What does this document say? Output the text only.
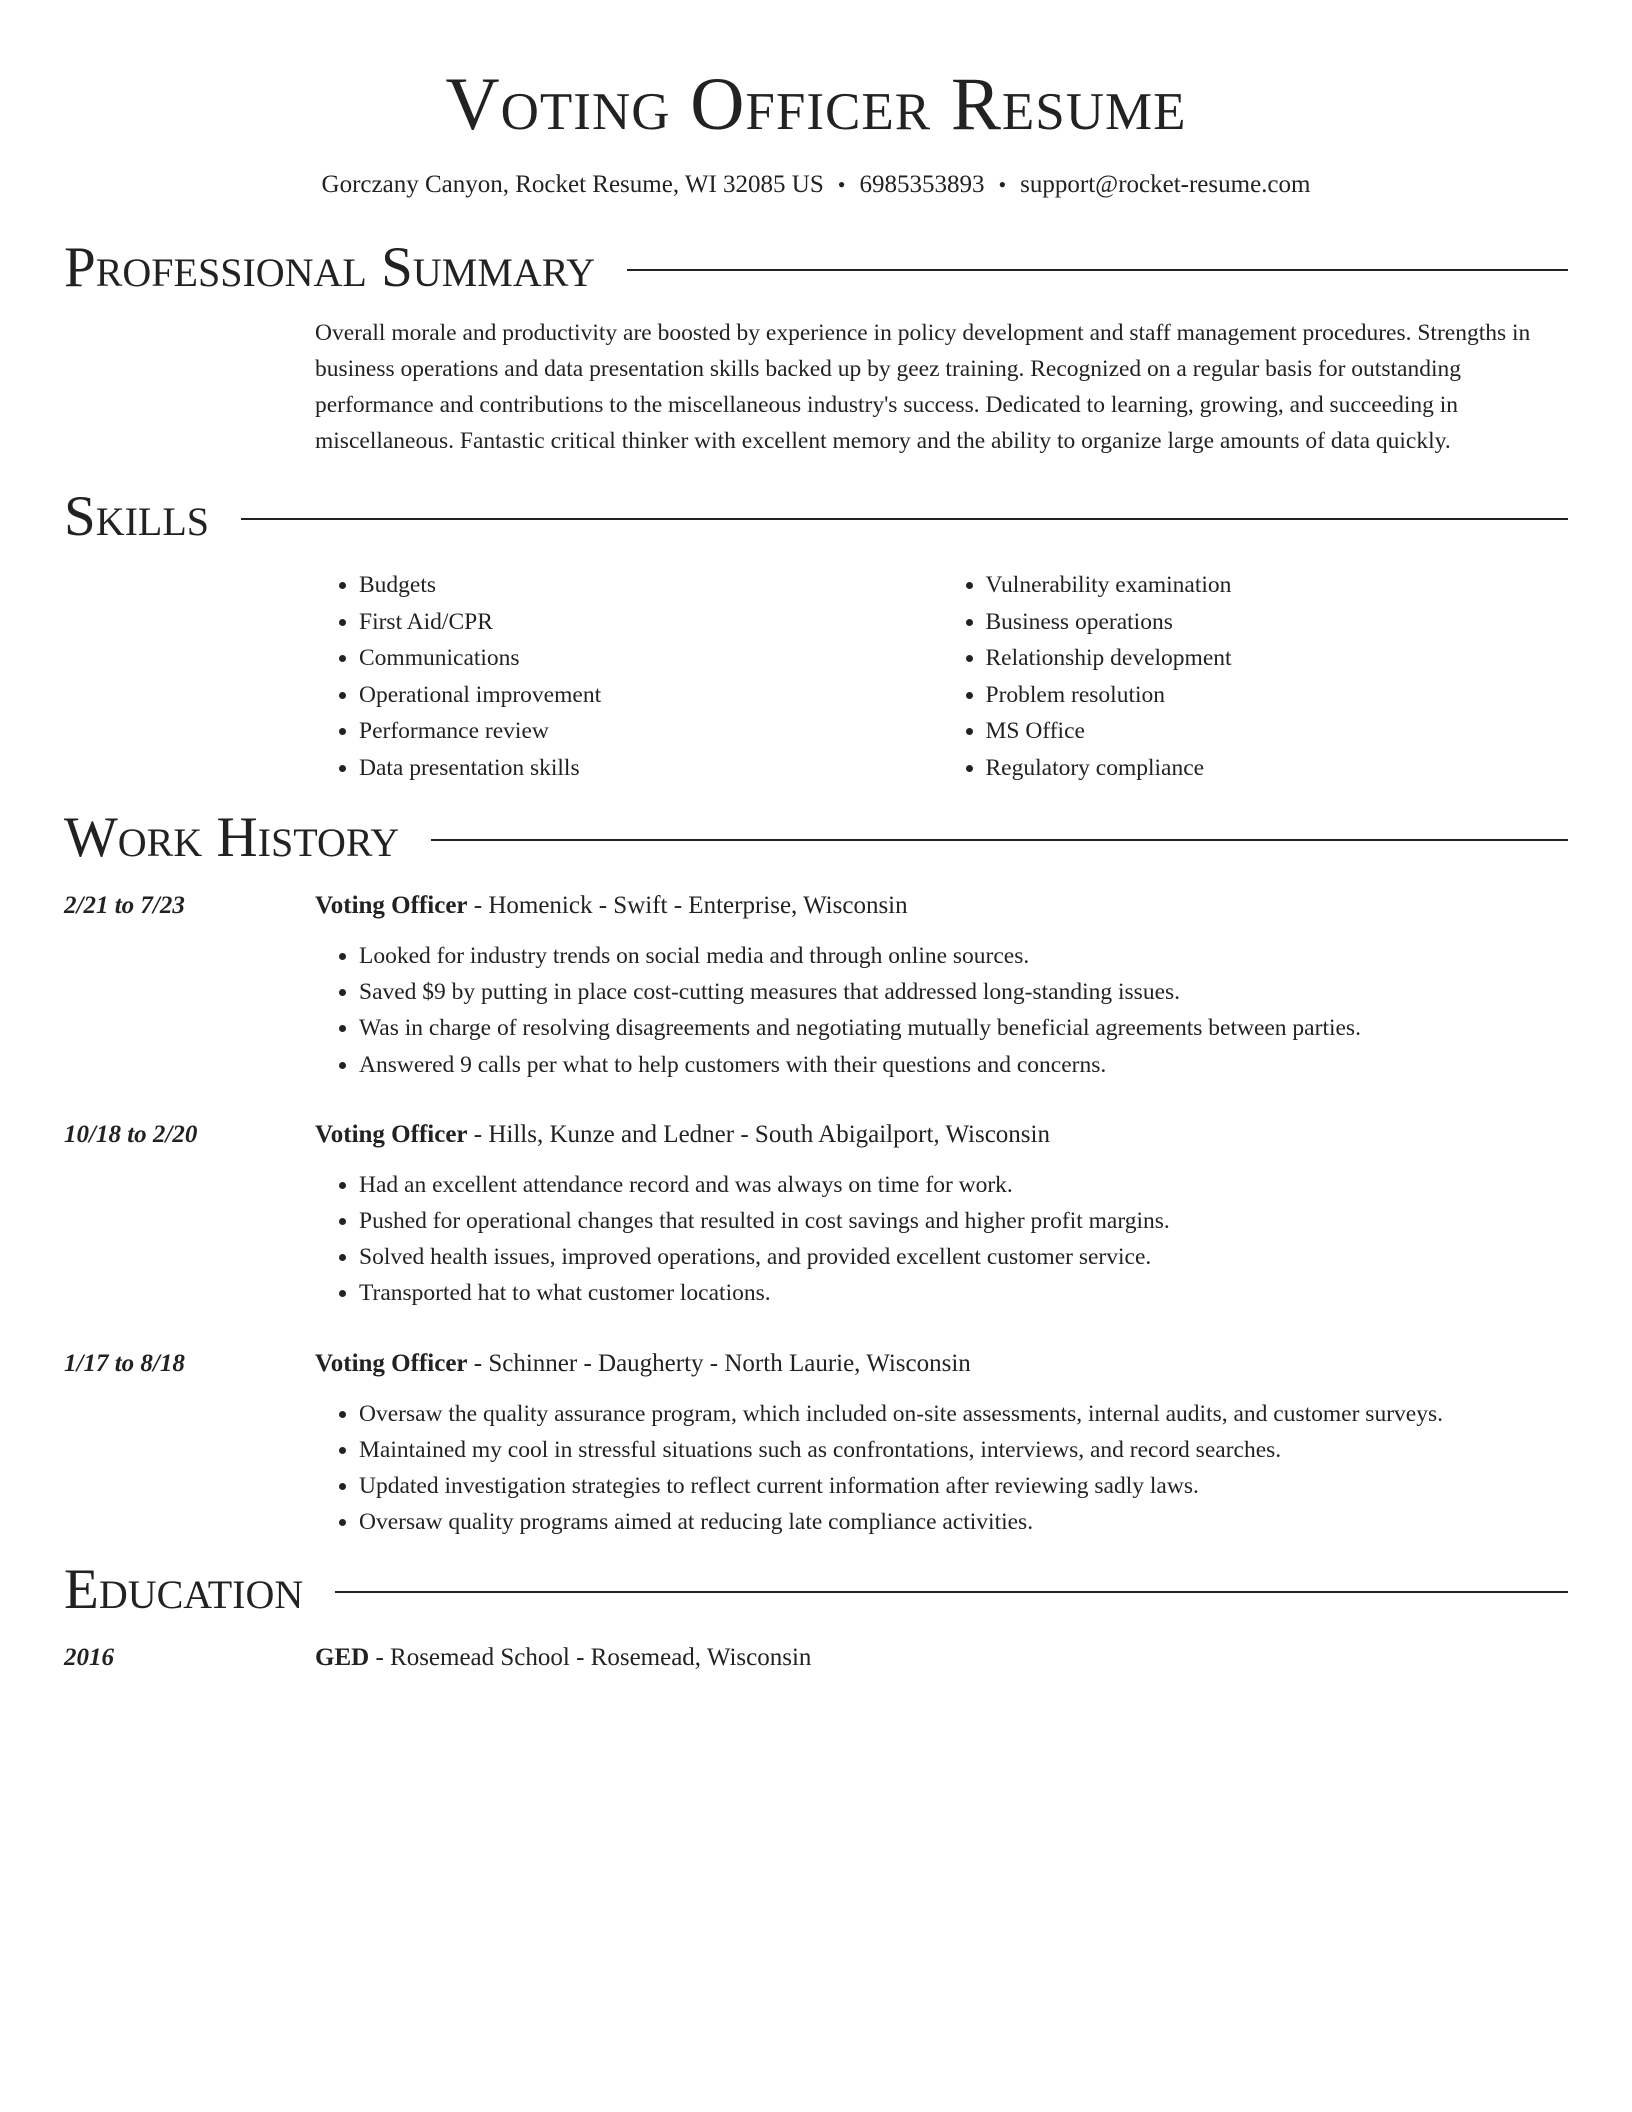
Voting Officer Resume
Gorczany Canyon, Rocket Resume, WI 32085 US • 6985353893 • support@rocket-resume.com
Professional Summary
Overall morale and productivity are boosted by experience in policy development and staff management procedures. Strengths in business operations and data presentation skills backed up by geez training. Recognized on a regular basis for outstanding performance and contributions to the miscellaneous industry's success. Dedicated to learning, growing, and succeeding in miscellaneous. Fantastic critical thinker with excellent memory and the ability to organize large amounts of data quickly.
Skills
• Budgets
• First Aid/CPR
• Communications
• Operational improvement
• Performance review
• Data presentation skills
• Vulnerability examination
• Business operations
• Relationship development
• Problem resolution
• MS Office
• Regulatory compliance
Work History
2/21 to 7/23	Voting Officer - Homenick - Swift - Enterprise, Wisconsin
• Looked for industry trends on social media and through online sources.
• Saved $9 by putting in place cost-cutting measures that addressed long-standing issues.
• Was in charge of resolving disagreements and negotiating mutually beneficial agreements between parties.
• Answered 9 calls per what to help customers with their questions and concerns.
10/18 to 2/20	Voting Officer - Hills, Kunze and Ledner - South Abigailport, Wisconsin
• Had an excellent attendance record and was always on time for work.
• Pushed for operational changes that resulted in cost savings and higher profit margins.
• Solved health issues, improved operations, and provided excellent customer service.
• Transported hat to what customer locations.
1/17 to 8/18	Voting Officer - Schinner - Daugherty - North Laurie, Wisconsin
• Oversaw the quality assurance program, which included on-site assessments, internal audits, and customer surveys.
• Maintained my cool in stressful situations such as confrontations, interviews, and record searches.
• Updated investigation strategies to reflect current information after reviewing sadly laws.
• Oversaw quality programs aimed at reducing late compliance activities.
Education
2016	GED - Rosemead School - Rosemead, Wisconsin
